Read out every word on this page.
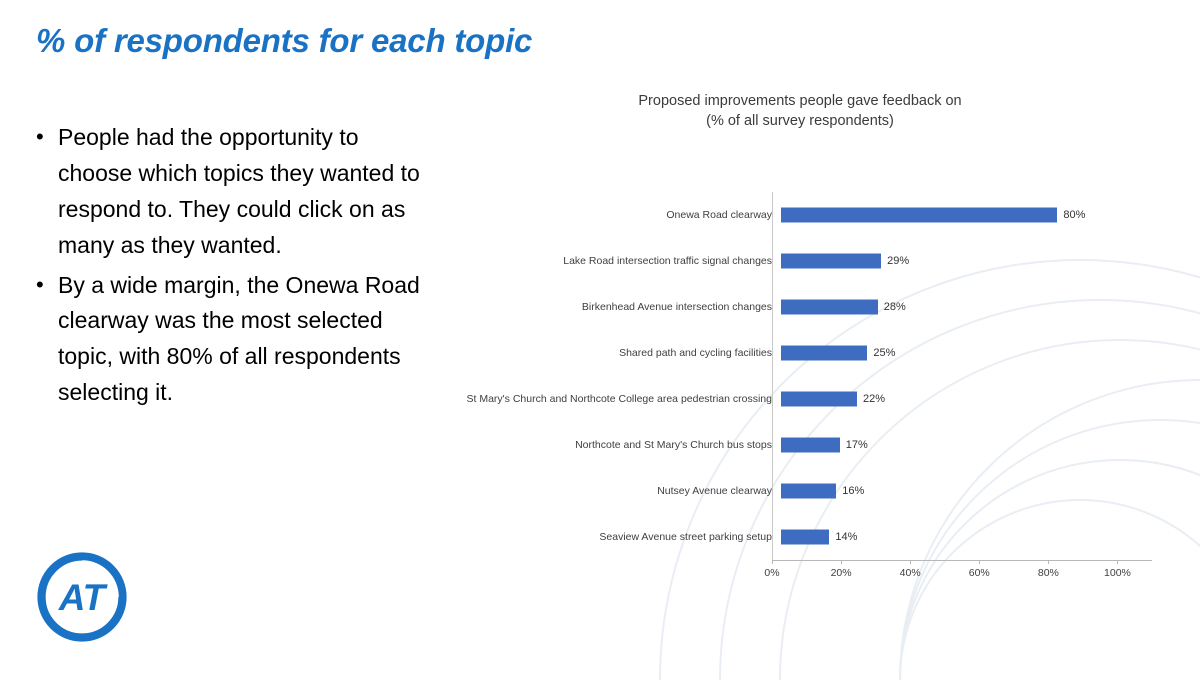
% of respondents for each topic
• People had the opportunity to choose which topics they wanted to respond to. They could click on as many as they wanted.
• By a wide margin, the Onewa Road clearway was the most selected topic, with 80% of all respondents selecting it.
AT
Proposed improvements people gave feedback on
(% of all survey respondents)
Onewa Road clearway	80%
Lake Road intersection traffic signal changes	29%
Birkenhead Avenue intersection changes	28%
Shared path and cycling facilities	25%
St Mary's Church and Northcote College area pedestrian crossing	22%
Northcote and St Mary's Church bus stops	17%
Nutsey Avenue clearway	16%
Seaview Avenue street parking setup	14%
0%	20%	40%	60%	80%	100%
